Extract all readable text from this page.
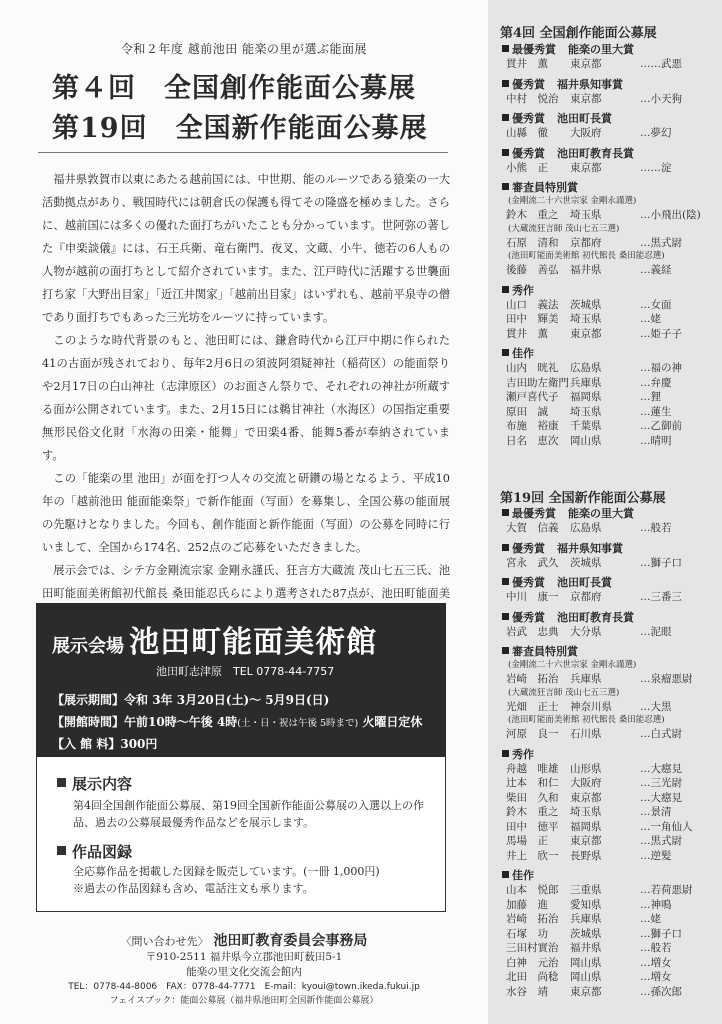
令和２年度 越前池田 能楽の里が選ぶ能面展
第４回　全国創作能面公募展
第19回　全国新作能面公募展

福井県敦賀市以東にあたる越前国には、中世期、能のルーツである猿楽の一大活動拠点があり、戦国時代には朝倉氏の保護も得てその隆盛を極めました。さらに、越前国には多くの優れた面打ちがいたことも分かっています。世阿弥の著した『申楽談儀』には、石王兵衛、竜右衛門、夜叉、文蔵、小牛、徳若の6人もの人物が越前の面打ちとして紹介されています。また、江戸時代に活躍する世襲面打ち家「大野出目家」「近江井関家」「越前出目家」はいずれも、越前平泉寺の僧であり面打ちでもあった三光坊をルーツに持っています。

このような時代背景のもと、池田町には、鎌倉時代から江戸中期に作られた41の古面が残されており、毎年2月6日の須波阿須疑神社（稲荷区）の能面祭りや2月17日の白山神社（志津原区）のお面さん祭りで、それぞれの神社が所蔵する面が公開されています。また、2月15日には鵜甘神社（水海区）の国指定重要無形民俗文化財「水海の田楽・能舞」で田楽4番、能舞5番が奉納されています。

この「能楽の里 池田」が面を打つ人々の交流と研鑽の場となるよう、平成10年の「越前池田 能面能楽祭」で新作能面（写面）を募集し、全国公募の能面展の先駆けとなりました。今回も、創作能面と新作能面（写面）の公募を同時に行いまして、全国から174名、252点のご応募をいただきました。

展示会では、シテ方金剛流宗家 金剛永謹氏、狂言方大蔵流 茂山七五三氏、池田町能面美術館初代館長 桑田能忍氏らにより選考された87点が、池田町能面美

展示会場 池田町能面美術館
池田町志津原　TEL 0778-44-7757
【展示期間】令和 3年 3月20日(土)～ 5月9日(日)
【開館時間】午前10時～午後 4時(土・日・祝は午後 5時まで) 火曜日定休
【入 館 料】300円
展示内容
第4回全国創作能面公募展、第19回全国新作能面公募展の入選以上の作品、過去の公募展最優秀作品などを展示します。
作品図録
全応募作品を掲載した図録を販売しています。(一冊 1,000円)
※過去の作品図録も含め、電話注文も承ります。
〈問い合わせ先〉 池田町教育委員会事務局
〒910-2511 福井県今立郡池田町薮田5-1
能楽の里文化交流会館内
TEL：0778-44-8006　FAX：0778-44-7771　E-mail：kyoui@town.ikeda.fukui.jp
フェイスブック：能面公募展（福井県池田町全国新作能面公募展）
第4回 全国創作能面公募展
最優秀賞 能楽の里大賞
貫井　薫	東京都	……武悪
優秀賞 福井県知事賞
中村　悦治	東京都	…小天狗
優秀賞 池田町長賞
山縣　徹	大阪府	…夢幻
優秀賞 池田町教育長賞
小熊　正	東京都	……淀
審査員特別賞
(金剛流二十六世宗家 金剛永謹選)
鈴木　重之	埼玉県	…小飛出(陰)
(大蔵流狂言師 茂山七五三選)
石原　清和	京都府	…黒式尉
(池田町能面美術館 初代館長 桑田能忍選)
後藤　善弘	福井県	…義経
秀作
山口　義法	茨城県	…女面
田中　輝美	埼玉県	…姥
貫井　薫	東京都	…姫子子
佳作
山内　晄礼	広島県	…福の神
吉田助左衛門 兵庫県	…弁慶
瀬戸喜代子	福岡県	…狸
原田　誠	埼玉県	…蓮生
布施　裕康	千葉県	…乙御前
日名　恵次	岡山県	…晴明
第19回 全国新作能面公募展
最優秀賞 能楽の里大賞
大賀　信義	広島県	…般若
優秀賞 福井県知事賞
宮永　武久	茨城県	…獅子口
優秀賞 池田町長賞
中川　康一	京都府	…三番三
優秀賞 池田町教育長賞
岩武　忠典	大分県	…泥眼
審査員特別賞
(金剛流二十六世宗家 金剛永謹選)
岩崎　拓治	兵庫県	…泉瘤悪尉
(大蔵流狂言師 茂山七五三選)
光畑　正士	神奈川県	…大黒
(池田町能面美術館 初代館長 桑田能忍選)
河原　良一	石川県	…白式尉
秀作
舟越　唯雄	山形県	…大癋見
辻本　和仁	大阪府	…三光尉
柴田　久和	東京都	…大癋見
鈴木　重之	埼玉県	…景清
田中　徳平	福岡県	…一角仙人
馬場　正	東京都	…黒式尉
井上　欣一	長野県	…逆髪
佳作
山本　悦郎	三重県	…若荷悪尉
加藤　進	愛知県	…神鳴
岩崎　拓治	兵庫県	…姥
石塚　功	茨城県	…獅子口
三田村實治	福井県	…般若
白神　元治	岡山県	…増女
北田　尚稔	岡山県	…増女
水谷　靖	東京都	…孫次郎
